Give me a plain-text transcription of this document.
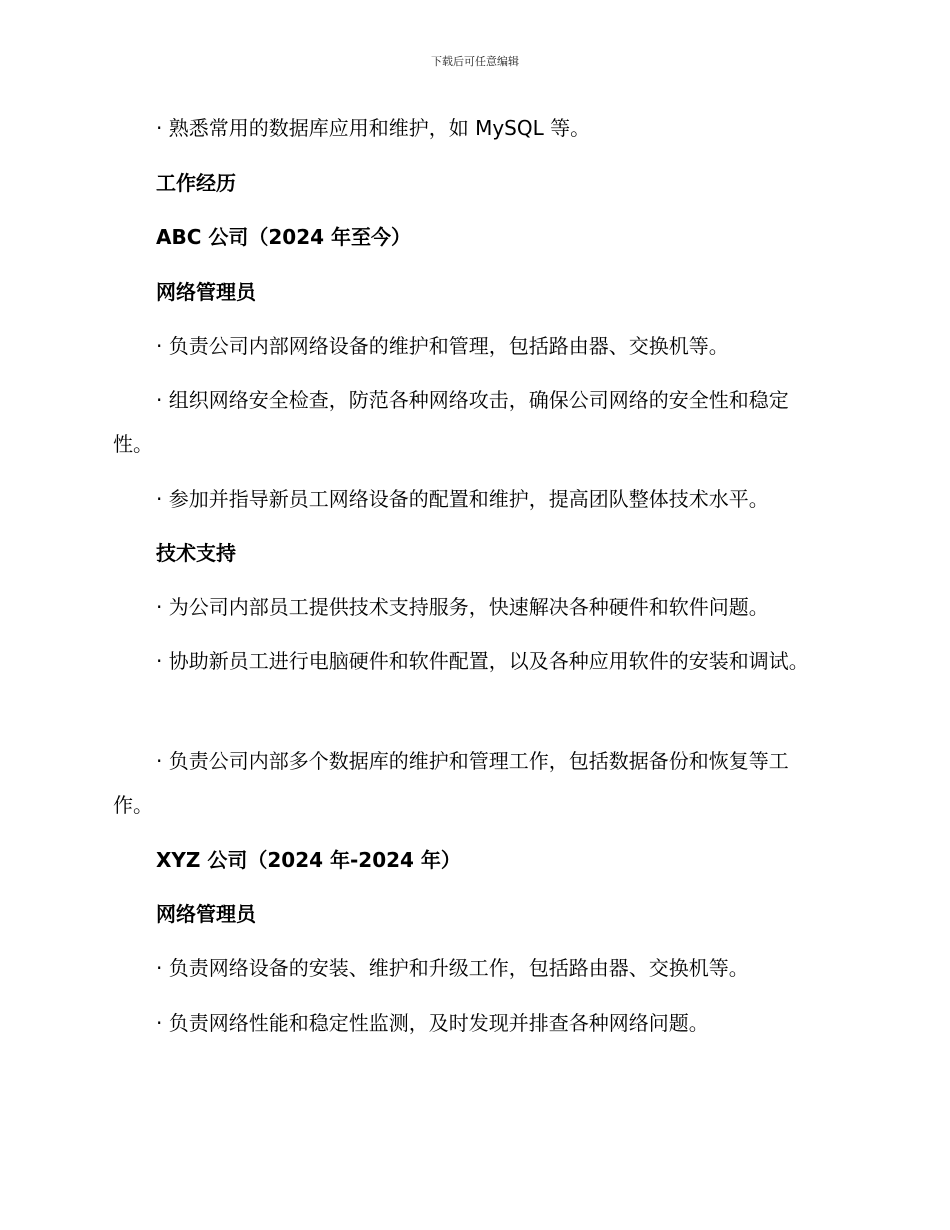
下载后可任意编辑
· 熟悉常用的数据库应用和维护，如 MySQL 等。
工作经历
ABC 公司（2024 年至今）
网络管理员
· 负责公司内部网络设备的维护和管理，包括路由器、交换机等。
· 组织网络安全检查，防范各种网络攻击，确保公司网络的安全性和稳定性。
· 参加并指导新员工网络设备的配置和维护，提高团队整体技术水平。
技术支持
· 为公司内部员工提供技术支持服务，快速解决各种硬件和软件问题。
· 协助新员工进行电脑硬件和软件配置，以及各种应用软件的安装和调试。
· 负责公司内部多个数据库的维护和管理工作，包括数据备份和恢复等工作。
XYZ 公司（2024 年-2024 年）
网络管理员
· 负责网络设备的安装、维护和升级工作，包括路由器、交换机等。
· 负责网络性能和稳定性监测，及时发现并排查各种网络问题。
